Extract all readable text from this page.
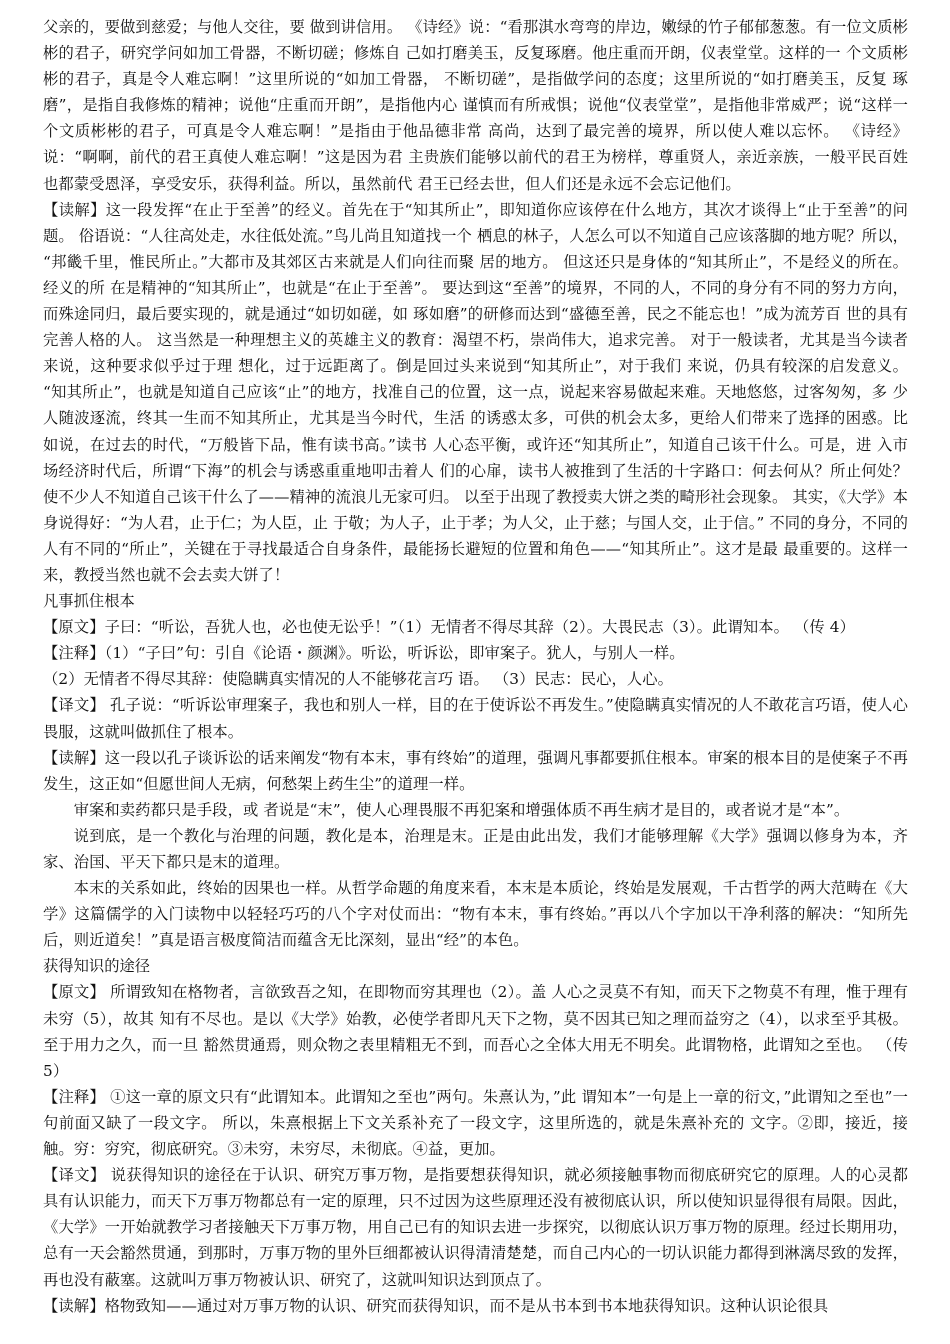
父亲的，要做到慈爱；与他人交往，要 做到讲信用。 《诗经》说：“看那淇水弯弯的岸边，嫩绿的竹子郁郁葱葱。有一位文质彬彬的君子，研究学问如加工骨器，不断切磋；修炼自 己如打磨美玉，反复琢磨。他庄重而开朗，仪表堂堂。这样的一 个文质彬彬的君子，真是令人难忘啊！”这里所说的“如加工骨器， 不断切磋”，是指做学问的态度；这里所说的“如打磨美玉，反复 琢磨”，是指自我修炼的精神；说他“庄重而开朗”，是指他内心 谨慎而有所戒惧；说他“仪表堂堂”，是指他非常威严；说“这样一个文质彬彬的君子，可真是令人难忘啊！”是指由于他品德非常 高尚，达到了最完善的境界，所以使人难以忘怀。 《诗经》说：“啊啊，前代的君王真使人难忘啊！”这是因为君 主贵族们能够以前代的君王为榜样，尊重贤人，亲近亲族，一般平民百姓也都蒙受恩泽，享受安乐，获得利益。所以，虽然前代 君王已经去世，但人们还是永远不会忘记他们。

【读解】这一段发挥“在止于至善”的经义。首先在于“知其所止”，即知道你应该停在什么地方，其次才谈得上“止于至善”的问题。 俗语说：“人往高处走，水往低处流。”鸟儿尚且知道找一个 栖息的林子，人怎么可以不知道自己应该落脚的地方呢？所以， “邦畿千里，惟民所止。”大都市及其郊区古来就是人们向往而聚 居的地方。 但这还只是身体的“知其所止”，不是经义的所在。经义的所 在是精神的“知其所止”，也就是“在止于至善”。 要达到这“至善”的境界，不同的人，不同的身分有不同的努力方向，而殊途同归，最后要实现的，就是通过“如切如磋，如 琢如磨”的研修而达到“盛德至善，民之不能忘也！”成为流芳百 世的具有完善人格的人。 这当然是一种理想主义的英雄主义的教育：渴望不朽，崇尚伟大，追求完善。 对于一般读者，尤其是当今读者来说，这种要求似乎过于理 想化，过于远距离了。倒是回过头来说到“知其所止”，对于我们 来说，仍具有较深的启发意义。 “知其所止”，也就是知道自己应该“止”的地方，找准自己的位置，这一点，说起来容易做起来难。天地悠悠，过客匆匆，多 少人随波逐流，终其一生而不知其所止，尤其是当今时代，生活 的诱惑太多，可供的机会太多，更给人们带来了选择的困惑。比如说，在过去的时代，“万般皆下品，惟有读书高。”读书 人心态平衡，或许还“知其所止”，知道自己该干什么。可是，进 入市场经济时代后，所谓“下海”的机会与诱惑重重地叩击着人 们的心扉，读书人被推到了生活的十字路口：何去何从？所止何处？使不少人不知道自己该干什么了——精神的流浪儿无家可归。 以至于出现了教授卖大饼之类的畸形社会现象。 其实，《大学》本身说得好：“为人君，止于仁；为人臣，止 于敬；为人子，止于孝；为人父，止于慈；与国人交，止于信。” 不同的身分，不同的人有不同的“所止”，关键在于寻找最适合自身条件，最能扬长避短的位置和角色——“知其所止”。这才是最 最重要的。这样一来，教授当然也就不会去卖大饼了！

凡事抓住根本

【原文】子曰：“听讼，吾犹人也，必也使无讼乎！”（1）无情者不得尽其辞（2）。大畏民志（3）。此谓知本。 （传 4）

【注释】（1）“子曰”句：引自《论语・颜渊》。听讼，听诉讼，即审案子。犹人，与别人一样。

（2）无情者不得尽其辞：使隐瞒真实情况的人不能够花言巧 语。 （3）民志：民心，人心。

【译文】 孔子说：“听诉讼审理案子，我也和别人一样，目的在于使诉讼不再发生。”使隐瞒真实情况的人不敢花言巧语，使人心畏服，这就叫做抓住了根本。

【读解】这一段以孔子谈诉讼的话来阐发“物有本末，事有终始”的道理，强调凡事都要抓住根本。审案的根本目的是使案子不再发生，这正如“但愿世间人无病，何愁架上药生尘”的道理一样。

审案和卖药都只是手段，或 者说是“末”，使人心理畏服不再犯案和增强体质不再生病才是目的，或者说才是“本”。

说到底，是一个教化与治理的问题，教化是本，治理是末。正是由此出发，我们才能够理解《大学》强调以修身为本，齐家、治国、平天下都只是末的道理。

本末的关系如此，终始的因果也一样。从哲学命题的角度来看，本末是本质论，终始是发展观，千古哲学的两大范畴在《大学》这篇儒学的入门读物中以轻轻巧巧的八个字对仗而出：“物有本末，事有终始。”再以八个字加以干净利落的解决：“知所先后，则近道矣！”真是语言极度简洁而蕴含无比深刻，显出“经”的本色。

获得知识的途径

【原文】 所谓致知在格物者，言欲致吾之知，在即物而穷其理也（2）。盖 人心之灵莫不有知，而天下之物莫不有理，惟于理有未穷（5），故其 知有不尽也。是以《大学》始教，必使学者即凡天下之物，莫不因其已知之理而益穷之（4），以求至乎其极。至于用力之久，而一旦 豁然贯通焉，则众物之表里精粗无不到，而吾心之全体大用无不明矣。此谓物格，此谓知之至也。 （传 5）

【注释】 ①这一章的原文只有“此谓知本。此谓知之至也”两句。朱熹认为，”此 谓知本”一句是上一章的衍文，”此谓知之至也”一句前面又缺了一段文字。 所以，朱熹根据上下文关系补充了一段文字，这里所选的，就是朱熹补充的 文字。②即，接近，接触。穷：穷究，彻底研究。③未穷，未穷尽，未彻底。④益，更加。

【译文】 说获得知识的途径在于认识、研究万事万物，是指要想获得知识，就必须接触事物而彻底研究它的原理。人的心灵都具有认识能力，而天下万事万物都总有一定的原理，只不过因为这些原理还没有被彻底认识，所以使知识显得很有局限。因此，《大学》一开始就教学习者接触天下万事万物，用自己已有的知识去进一步探究，以彻底认识万事万物的原理。经过长期用功，总有一天会豁然贯通，到那时，万事万物的里外巨细都被认识得清清楚楚，而自己内心的一切认识能力都得到淋漓尽致的发挥，再也没有蔽塞。这就叫万事万物被认识、研究了，这就叫知识达到顶点了。

【读解】格物致知——通过对万事万物的认识、研究而获得知识，而不是从书本到书本地获得知识。这种认识论很具
